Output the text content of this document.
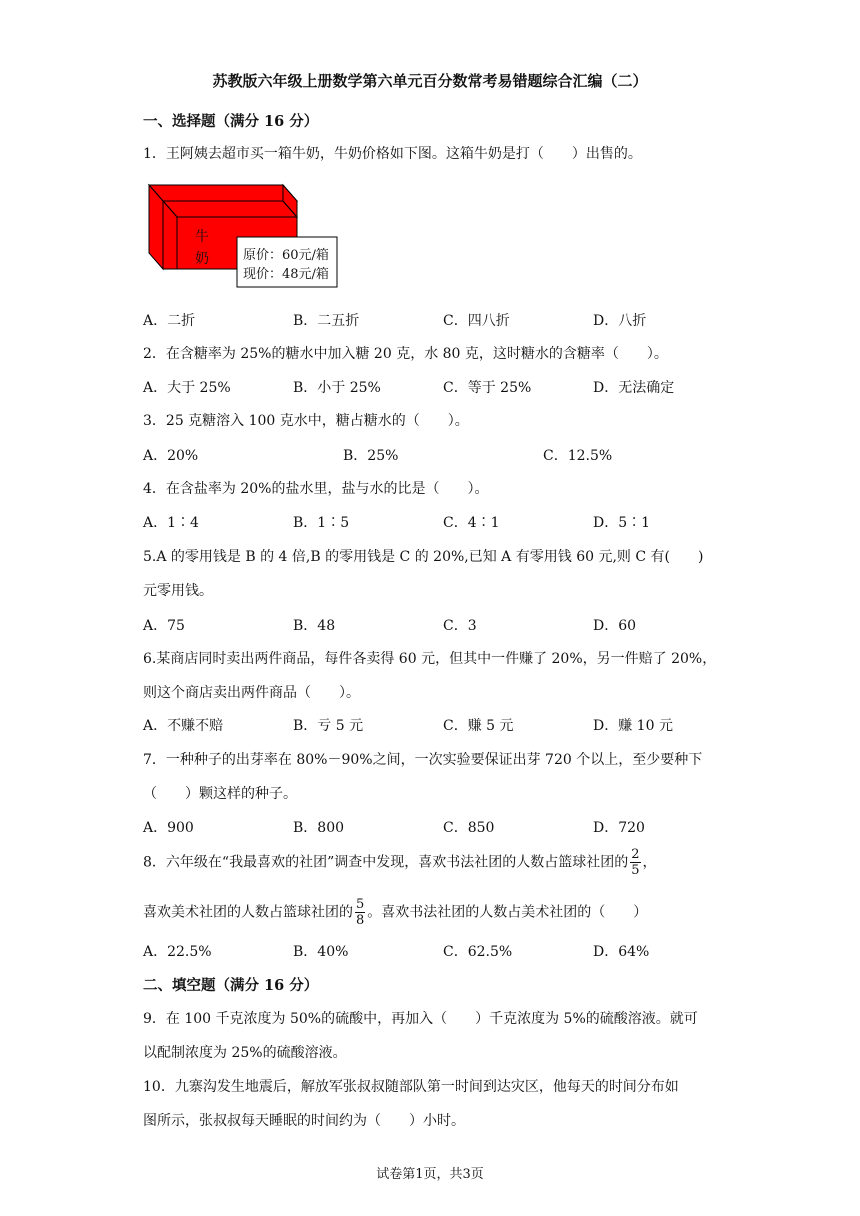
苏教版六年级上册数学第六单元百分数常考易错题综合汇编（二）
一、选择题（满分 16 分）
1．王阿姨去超市买一箱牛奶，牛奶价格如下图。这箱牛奶是打（　　）出售的。
牛
奶	原价：60元/箱
现价：48元/箱
A．二折	B．二五折	C．四八折	D．八折
2．在含糖率为 25%的糖水中加入糖 20 克，水 80 克，这时糖水的含糖率（　　）。
A．大于 25%	B．小于 25%	C．等于 25%	D．无法确定
3．25 克糖溶入 100 克水中，糖占糖水的（　　）。
A．20%	B．25%	C．12.5%
4．在含盐率为 20%的盐水里，盐与水的比是（　　）。
A．1∶4	B．1∶5	C．4∶1	D．5∶1
5.A 的零用钱是 B 的 4 倍,B 的零用钱是 C 的 20%,已知 A 有零用钱 60 元,则 C 有(　　)
元零用钱。
A．75	B．48	C．3	D．60
6.某商店同时卖出两件商品，每件各卖得 60 元，但其中一件赚了 20%，另一件赔了 20%，
则这个商店卖出两件商品（　　）。
A．不赚不赔	B．亏 5 元	C．赚 5 元	D．赚 10 元
7．一种种子的出芽率在 80%－90%之间，一次实验要保证出芽 720 个以上，至少要种下
（　　）颗这样的种子。
A．900	B．800	C．850	D．720
8．六年级在“我最喜欢的社团”调查中发现，喜欢书法社团的人数占篮球社团的 $\frac{2}{5}$ ，
喜欢美术社团的人数占篮球社团的 $\frac{5}{8}$ 。喜欢书法社团的人数占美术社团的（　　）
A．22.5%	B．40%	C．62.5%	D．64%
二、填空题（满分 16 分）
9．在 100 千克浓度为 50%的硫酸中，再加入（　　）千克浓度为 5%的硫酸溶液。就可
以配制浓度为 25%的硫酸溶液。
10．九寨沟发生地震后，解放军张叔叔随部队第一时间到达灾区，他每天的时间分布如
图所示，张叔叔每天睡眠的时间约为（　　）小时。
试卷第1页，共3页
